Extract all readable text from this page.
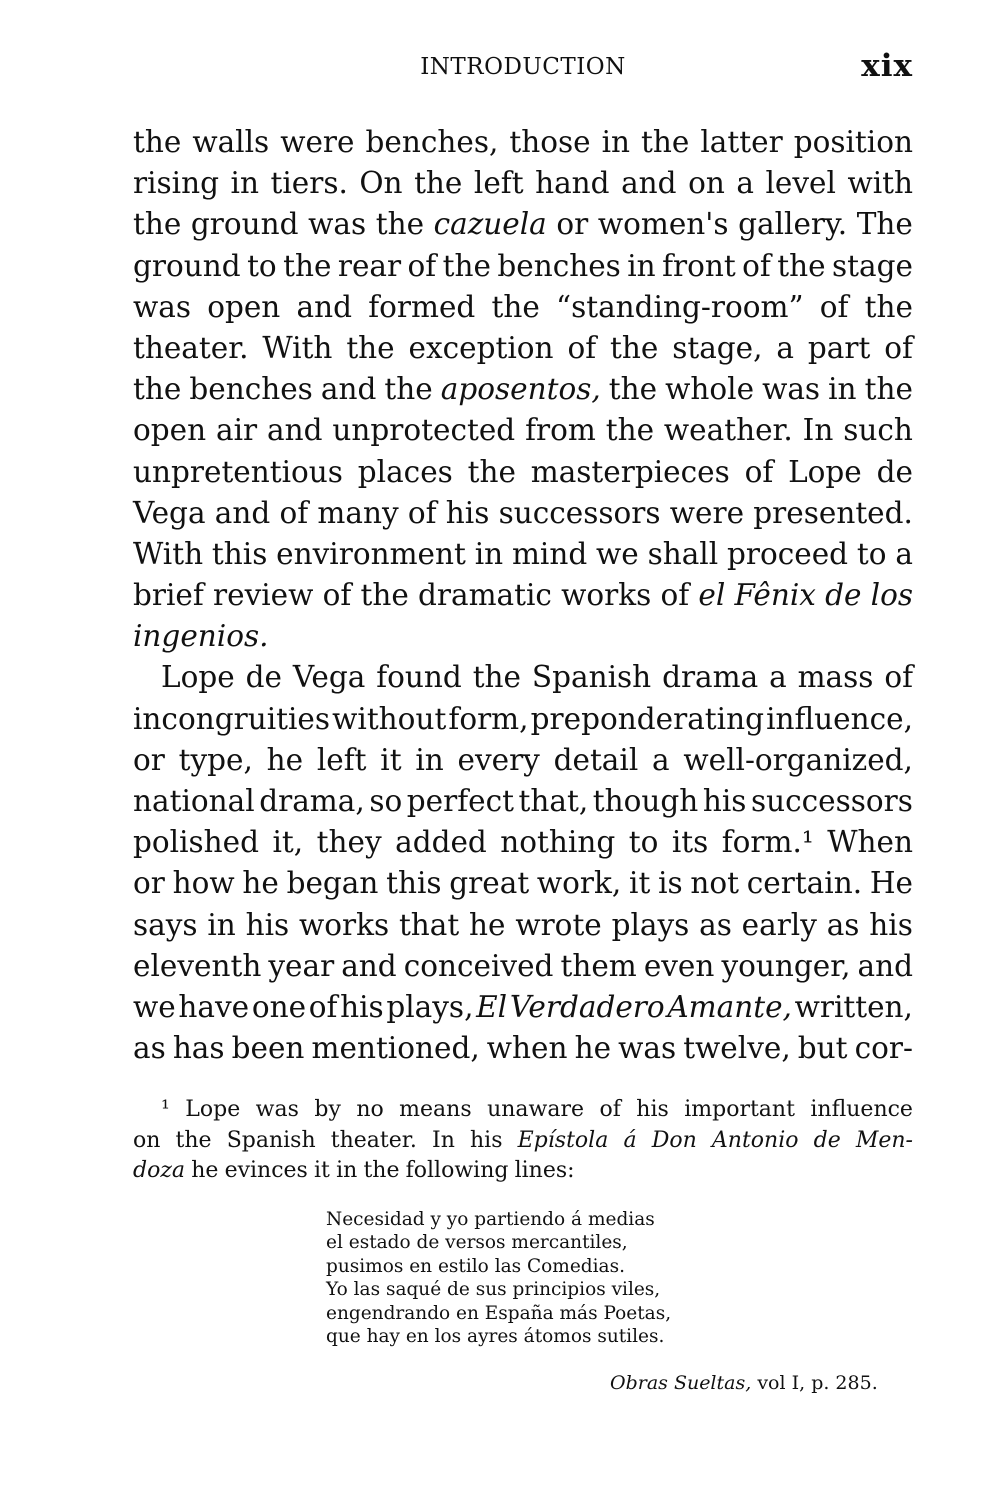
INTRODUCTION	xix
the walls were benches, those in the latter position
rising in tiers. On the left hand and on a level with
the ground was the cazuela or women's gallery. The
ground to the rear of the benches in front of the stage
was open and formed the “standing-room” of the
theater. With the exception of the stage, a part of
the benches and the aposentos, the whole was in the
open air and unprotected from the weather. In such
unpretentious places the masterpieces of Lope de
Vega and of many of his successors were presented.
With this environment in mind we shall proceed to a
brief review of the dramatic works of el Fênix de los
ingenios.
Lope de Vega found the Spanish drama a mass of
incongruities without form, preponderating influence,
or type, he left it in every detail a well-organized,
national drama, so perfect that, though his successors
polished it, they added nothing to its form.¹ When
or how he began this great work, it is not certain. He
says in his works that he wrote plays as early as his
eleventh year and conceived them even younger, and
we have one of his plays, El Verdadero Amante, written,
as has been mentioned, when he was twelve, but cor-
¹ Lope was by no means unaware of his important influence
on the Spanish theater. In his Epístola á Don Antonio de Men-
doza he evinces it in the following lines:
Necesidad y yo partiendo á medias
el estado de versos mercantiles,
pusimos en estilo las Comedias.
Yo las saqué de sus principios viles,
engendrando en España más Poetas,
que hay en los ayres átomos sutiles.
Obras Sueltas, vol I, p. 285.
